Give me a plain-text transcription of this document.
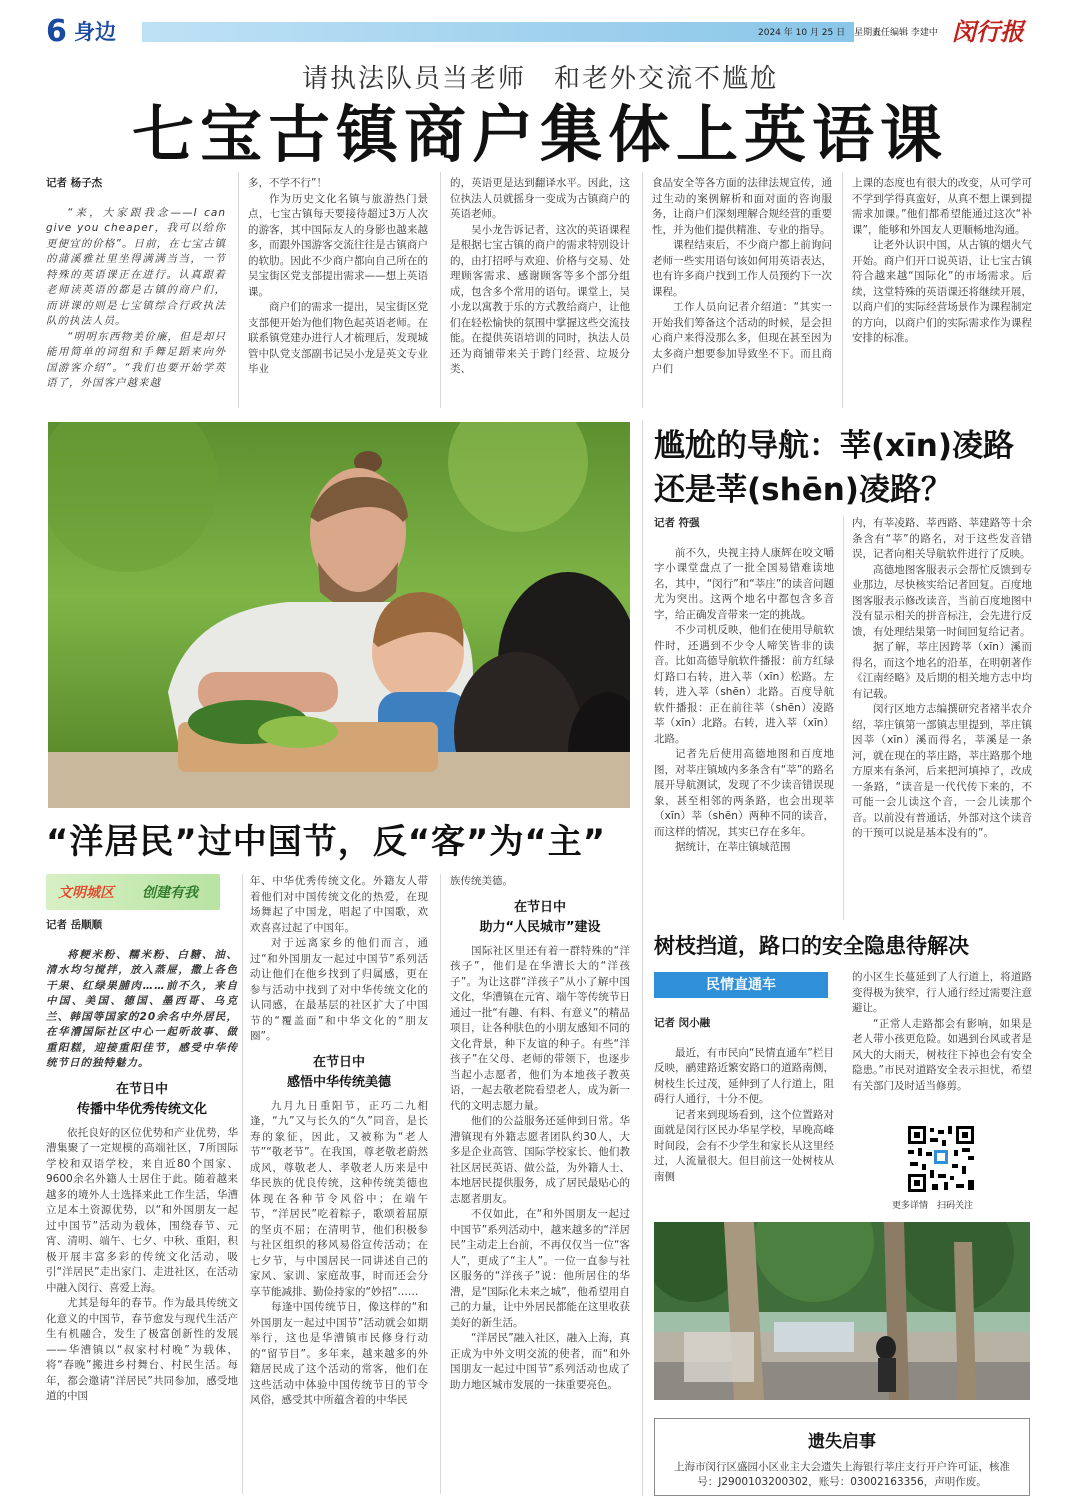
6 身边	2024 年 10 月 25 日　星期五
责任编辑 李建中 闵行报
请执法队员当老师　和老外交流不尴尬
七宝古镇商户集体上英语课

记者 杨子杰

“来，大家跟我念——I can give you cheaper，我可以给你更便宜的价格”。日前，在七宝古镇的蒲溪雅社里坐得满满当当，一节特殊的英语课正在进行。认真跟着老师读英语的都是古镇的商户们，而讲课的则是七宝镇综合行政执法队的执法人员。

“明明东西物美价廉，但是却只能用简单的词组和手舞足蹈来向外国游客介绍”。“我们也要开始学英语了，外国客户越来越

多，不学不行”！

作为历史文化名镇与旅游热门景点，七宝古镇每天要接待超过3万人次的游客，其中国际友人的身影也越来越多，而跟外国游客交流往往是古镇商户的软肋。因此不少商户都向自己所在的吴宝街区党支部提出需求——想上英语课。

商户们的需求一提出，吴宝街区党支部便开始为他们物色起英语老师。在联系镇党建办进行人才梳理后，发现城管中队党支部副书记吴小龙是英文专业毕业

的，英语更是达到翻译水平。因此，这位执法人员就摇身一变成为古镇商户的英语老师。

吴小龙告诉记者，这次的英语课程是根据七宝古镇的商户的需求特别设计的，由打招呼与欢迎、价格与交易、处理顾客需求、感谢顾客等多个部分组成，包含多个常用的语句。课堂上，吴小龙以寓教于乐的方式教给商户，让他们在轻松愉快的氛围中掌握这些交流技能。在提供英语培训的同时，执法人员还为商铺带来关于跨门经营、垃圾分类、

食品安全等各方面的法律法规宣传，通过生动的案例解析和面对面的咨询服务，让商户们深刻理解合规经营的重要性，并为他们提供精准、专业的指导。

课程结束后，不少商户都上前询问老师一些实用语句该如何用英语表达，也有许多商户找到工作人员预约下一次课程。

工作人员向记者介绍道：“其实一开始我们筹备这个活动的时候，是会担心商户来得没那么多，但现在甚至因为太多商户想要参加导致坐不下。而且商户们

上课的态度也有很大的改变，从可学可不学到学得真蛮好，从真不想上课到提需求加课。”他们都希望能通过这次“补课”，能够和外国友人更顺畅地沟通。

让老外认识中国，从古镇的烟火气开始。商户们开口说英语，让七宝古镇符合越来越“国际化”的市场需求。后续，这堂特殊的英语课还将继续开展，以商户们的实际经营场景作为课程制定的方向，以商户们的实际需求作为课程安排的标准。

“洋居民”过中国节，反“客”为“主”
文明城区 创建有我

记者 岳顺顺

将粳米粉、糯米粉、白糖、油、清水均匀搅拌，放入蒸屉，撒上各色干果、红绿果脯肉……前不久，来自中国、美国、德国、墨西哥、乌克兰、韩国等国家的20余名中外居民，在华漕国际社区中心一起听故事、做重阳糕，迎接重阳佳节，感受中华传统节日的独特魅力。

在节日中
传播中华优秀传统文化

依托良好的区位优势和产业优势，华漕集聚了一定规模的高端社区，7所国际学校和双语学校，来自近80个国家、9600余名外籍人士居住于此。随着越来越多的境外人士选择来此工作生活，华漕立足本土资源优势，以“和外国朋友一起过中国节”活动为载体，围绕春节、元宵、清明、端午、七夕、中秋、重阳，积极开展丰富多彩的传统文化活动，吸引“洋居民”走出家门、走进社区，在活动中融入闵行、喜爱上海。

尤其是每年的春节。作为最具传统文化意义的中国节，春节愈发与现代生活产生有机融合，发生了极富创新性的发展——华漕镇以“叔家村村晚”为载体，将“春晚”搬进乡村舞台、村民生活。每年，都会邀请“洋居民”共同参加，感受地道的中国

年、中华优秀传统文化。外籍友人带着他们对中国传统文化的热爱，在现场舞起了中国龙，唱起了中国歌，欢欢喜喜过起了中国年。

对于远离家乡的他们而言，通过“和外国朋友一起过中国节”系列活动让他们在他乡找到了归属感，更在参与活动中找到了对中华传统文化的认同感，在最基层的社区扩大了中国节的“覆盖面”和中华文化的“朋友圈”。

在节日中
感悟中华传统美德

九月九日重阳节，正巧二九相逢，“九”又与长久的“久”同音，是长寿的象征，因此，又被称为“老人节”“敬老节”。在我国，尊老敬老蔚然成风，尊敬老人、孝敬老人历来是中华民族的优良传统，这种传统美德也体现在各种节令风俗中；在端午节，“洋居民”吃着粽子，歌颂着屈原的坚贞不屈；在清明节，他们积极参与社区组织的移风易俗宣传活动；在七夕节，与中国居民一同讲述自己的家风、家训、家庭故事，时而还会分享节能减排、勤俭持家的“妙招”……

每逢中国传统节日，像这样的“和外国朋友一起过中国节”活动就会如期举行，这也是华漕镇市民修身行动的“留节目”。多年来，越来越多的外籍居民成了这个活动的常客，他们在这些活动中体验中国传统节日的节令风俗，感受其中所蕴含着的中华民

族传统美德。

在节日中
助力“人民城市”建设

国际社区里还有着一群特殊的“洋孩子”，他们是在华漕长大的“洋孩子”。为让这群“洋孩子”从小了解中国文化，华漕镇在元宵、端午等传统节日通过一批“有趣、有料、有意义”的精品项目，让各种肤色的小朋友感知不同的文化背景，种下友谊的种子。有些“洋孩子”在父母、老师的带领下，也逐步当起小志愿者，他们为本地孩子教英语，一起去敬老院看望老人，成为新一代的文明志愿力量。

他们的公益服务还延伸到日常。华漕镇现有外籍志愿者团队约30人，大多是企业高管、国际学校家长、他们教社区居民英语、做公益，为外籍人士、本地居民提供服务，成了居民最贴心的志愿者朋友。

不仅如此，在“和外国朋友一起过中国节”系列活动中，越来越多的“洋居民”主动走上台前，不再仅仅当一位“客人”，更成了“主人”。一位一直参与社区服务的“洋孩子”说：他所居住的华漕，是“国际化未来之城”，他希望用自己的力量，让中外居民都能在这里收获美好的新生活。

“洋居民”融入社区，融入上海，真正成为中外文明交流的使者，而“和外国朋友一起过中国节”系列活动也成了助力地区城市发展的一抹重要亮色。

尴尬的导航：莘(xīn)凌路
还是莘(shēn)凌路？

记者 符强

前不久，央视主持人康辉在咬文嚼字小课堂盘点了一批全国易错难读地名，其中，“闵行”和“莘庄”的读音问题尤为突出。这两个地名中都包含多音字，给正确发音带来一定的挑战。

不少司机反映，他们在使用导航软件时，还遇到不少令人啼笑皆非的读音。比如高德导航软件播报：前方红绿灯路口右转，进入莘（xīn）松路。左转，进入莘（shēn）北路。百度导航软件播报：正在前往莘（shēn）凌路莘（xīn）北路。右转，进入莘（xīn）北路。

记者先后使用高德地图和百度地图，对莘庄镇域内多条含有“莘”的路名展开导航测试，发现了不少读音错误现象，甚至相邻的两条路，也会出现莘（xīn）莘（shēn）两种不同的读音，而这样的情况，其实已存在多年。

据统计，在莘庄镇域范围

内，有莘凌路、莘西路、莘建路等十余条含有“莘”的路名，对于这些发音错误，记者向相关导航软件进行了反映。

高德地图客服表示会帮忙反馈到专业那边，尽快核实给记者回复。百度地图客服表示修改读音，当前百度地图中没有显示相关的拼音标注，会先进行反馈，有处理结果第一时间回复给记者。

据了解，莘庄因跨莘（xīn）溪而得名，而这个地名的沿革，在明朝著作《江南经略》及后期的相关地方志中均有记载。

闵行区地方志编撰研究者褚半农介绍，莘庄镇第一部镇志里提到，莘庄镇因莘（xīn）溪而得名，莘溪是一条河，就在现在的莘庄路，莘庄路那个地方原来有条河，后来把河填掉了，改成一条路，“读音是一代代传下来的，不可能一会儿读这个音，一会儿读那个音。以前没有普通话，外部对这个读音的干预可以说是基本没有的”。

树枝挡道，路口的安全隐患待解决
民情直通车

记者 闵小融

最近，有市民向“民情直通车”栏目反映，鹂建路近繁安路口的道路南侧，树枝生长过茂，延伸到了人行道上，阻碍行人通行，十分不便。

记者来到现场看到，这个位置路对面就是闵行区民办华星学校，早晚高峰时间段，会有不少学生和家长从这里经过，人流量很大。但目前这一处树枝从南侧

的小区生长蔓延到了人行道上，将道路变得极为狭窄，行人通行经过需要注意避让。

“正常人走路都会有影响，如果是老人带小孩更危险。如遇到台风或者是风大的大雨天，树枝往下掉也会有安全隐患。”市民对道路安全表示担忧，希望有关部门及时适当修剪。

更多详情　扫码关注
遗失启事
上海市闵行区盛园小区业主大会遗失上海银行莘庄支行开户许可证，核准号：J2900103200302，账号：03002163356，声明作废。
